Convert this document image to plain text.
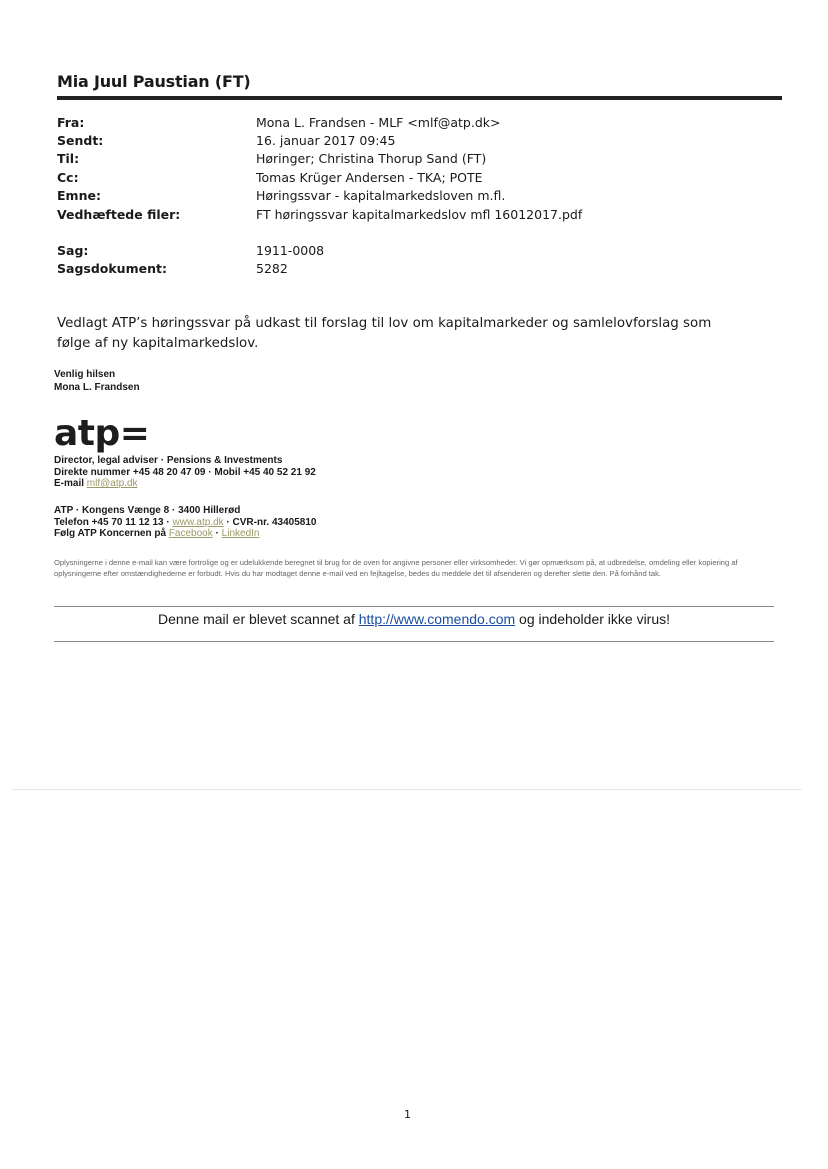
Mia Juul Paustian (FT)
Fra:	Mona L. Frandsen - MLF <mlf@atp.dk>
Sendt:	16. januar 2017 09:45
Til:	Høringer; Christina Thorup Sand (FT)
Cc:	Tomas Krüger Andersen - TKA; POTE
Emne:	Høringssvar - kapitalmarkedsloven m.fl.
Vedhæftede filer:	FT høringssvar kapitalmarkedslov mfl 16012017.pdf
Sag:	1911-0008
Sagsdokument:	5282
Vedlagt ATP’s høringssvar på udkast til forslag til lov om kapitalmarkeder og samlelovforslag som følge af ny kapitalmarkedslov.
Venlig hilsen
Mona L. Frandsen
atp=
Director, legal adviser · Pensions & Investments
Direkte nummer +45 48 20 47 09 · Mobil +45 40 52 21 92
E-mail mlf@atp.dk
ATP · Kongens Vænge 8 · 3400 Hillerød
Telefon +45 70 11 12 13 · www.atp.dk · CVR-nr. 43405810
Følg ATP Koncernen på Facebook · LinkedIn
Oplysningerne i denne e-mail kan være fortrolige og er udelukkende beregnet til brug for de oven for angivne personer eller virksomheder. Vi gør opmærksom på, at udbredelse, omdeling eller kopiering af oplysningerne efter omstændighederne er forbudt. Hvis du har modtaget denne e-mail ved en fejltagelse, bedes du meddele det til afsenderen og derefter slette den. På forhånd tak.
Denne mail er blevet scannet af http://www.comendo.com og indeholder ikke virus!
1
